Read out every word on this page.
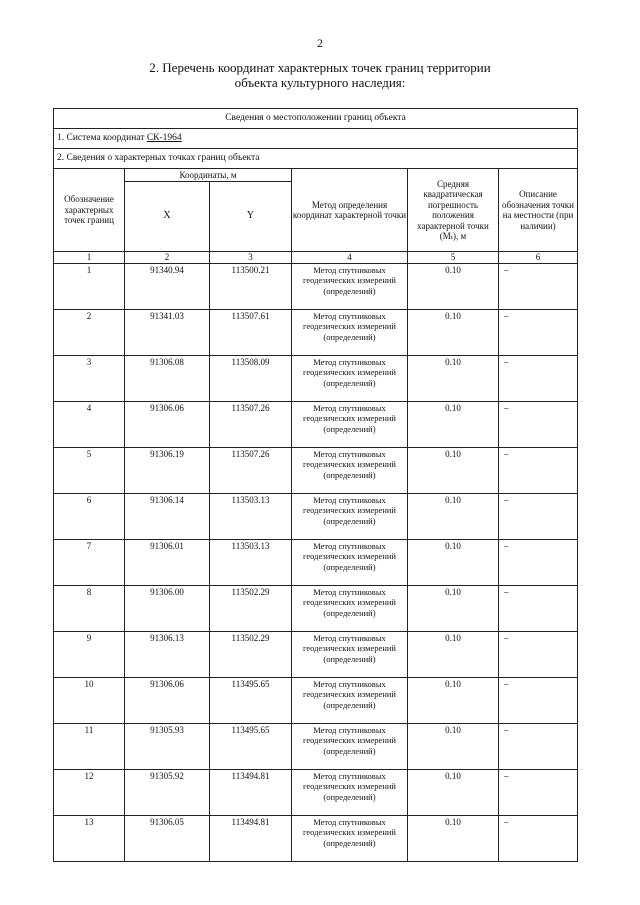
2
2. Перечень координат характерных точек границ территории
объекта культурного наследия:
Сведения о местоположении границ объекта					
1. Система координат СК-1964					
2. Сведения о характерных точках границ объекта					
Обозначение характерных точек границ	Координаты, м		Метод определения координат характерной точки	Средняя квадратическая погрешность положения характерной точки (Mₜ), м	Описание обозначения точки на местности (при наличии)
	X	Y			
1	2	3	4	5	6
1	91340.94	113500.21	Метод спутниковых геодезических измерений (определений)	0.10	–
2	91341.03	113507.61	Метод спутниковых геодезических измерений (определений)	0.10	–
3	91306.08	113508.09	Метод спутниковых геодезических измерений (определений)	0.10	–
4	91306.06	113507.26	Метод спутниковых геодезических измерений (определений)	0.10	–
5	91306.19	113507.26	Метод спутниковых геодезических измерений (определений)	0.10	–
6	91306.14	113503.13	Метод спутниковых геодезических измерений (определений)	0.10	–
7	91306.01	113503.13	Метод спутниковых геодезических измерений (определений)	0.10	–
8	91306.00	113502.29	Метод спутниковых геодезических измерений (определений)	0.10	–
9	91306.13	113502.29	Метод спутниковых геодезических измерений (определений)	0.10	–
10	91306.06	113495.65	Метод спутниковых геодезических измерений (определений)	0.10	–
11	91305.93	113495.65	Метод спутниковых геодезических измерений (определений)	0.10	–
12	91305.92	113494.81	Метод спутниковых геодезических измерений (определений)	0.10	–
13	91306.05	113494.81	Метод спутниковых геодезических измерений (определений)	0.10	–
